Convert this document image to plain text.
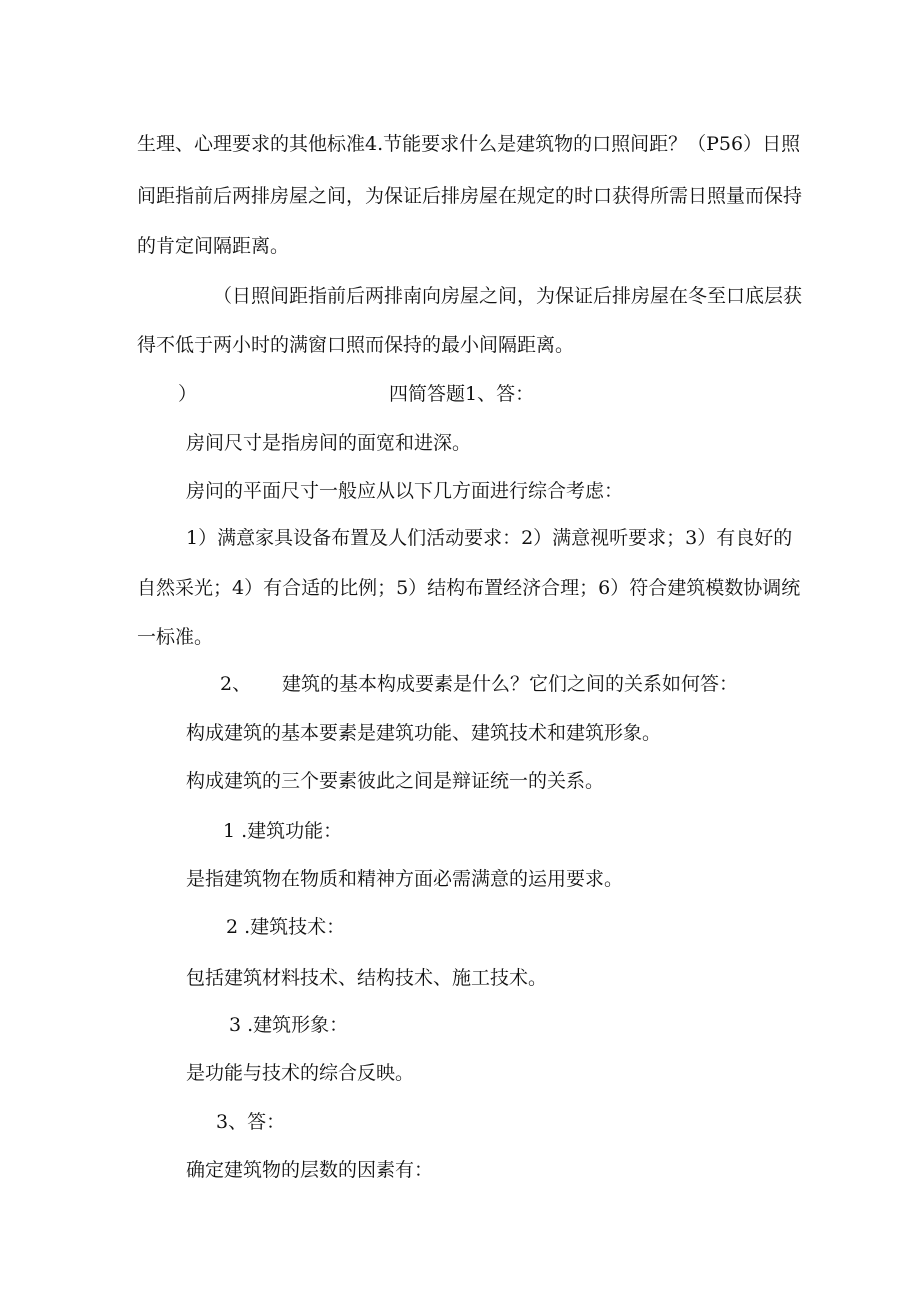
生理、心理要求的其他标准4.节能要求什么是建筑物的口照间距？（P56）日照
间距指前后两排房屋之间，为保证后排房屋在规定的时口获得所需日照量而保持
的肯定间隔距离。
（日照间距指前后两排南向房屋之间，为保证后排房屋在冬至口底层获
得不低于两小时的满窗口照而保持的最小间隔距离。
）	四简答题1、答：
房间尺寸是指房间的面宽和进深。
房问的平面尺寸一般应从以下几方面进行综合考虑：
1）满意家具设备布置及人们活动要求：2）满意视听要求；3）有良好的
自然采光；4）有合适的比例；5）结构布置经济合理；6）符合建筑模数协调统
一标准。
2、 建筑的基本构成要素是什么？它们之间的关系如何答：
构成建筑的基本要素是建筑功能、建筑技术和建筑形象。
构成建筑的三个要素彼此之间是辩证统一的关系。
1 .建筑功能：
是指建筑物在物质和精神方面必需满意的运用要求。
2 .建筑技术：
包括建筑材料技术、结构技术、施工技术。
3 .建筑形象：
是功能与技术的综合反映。
3、答：
确定建筑物的层数的因素有：
